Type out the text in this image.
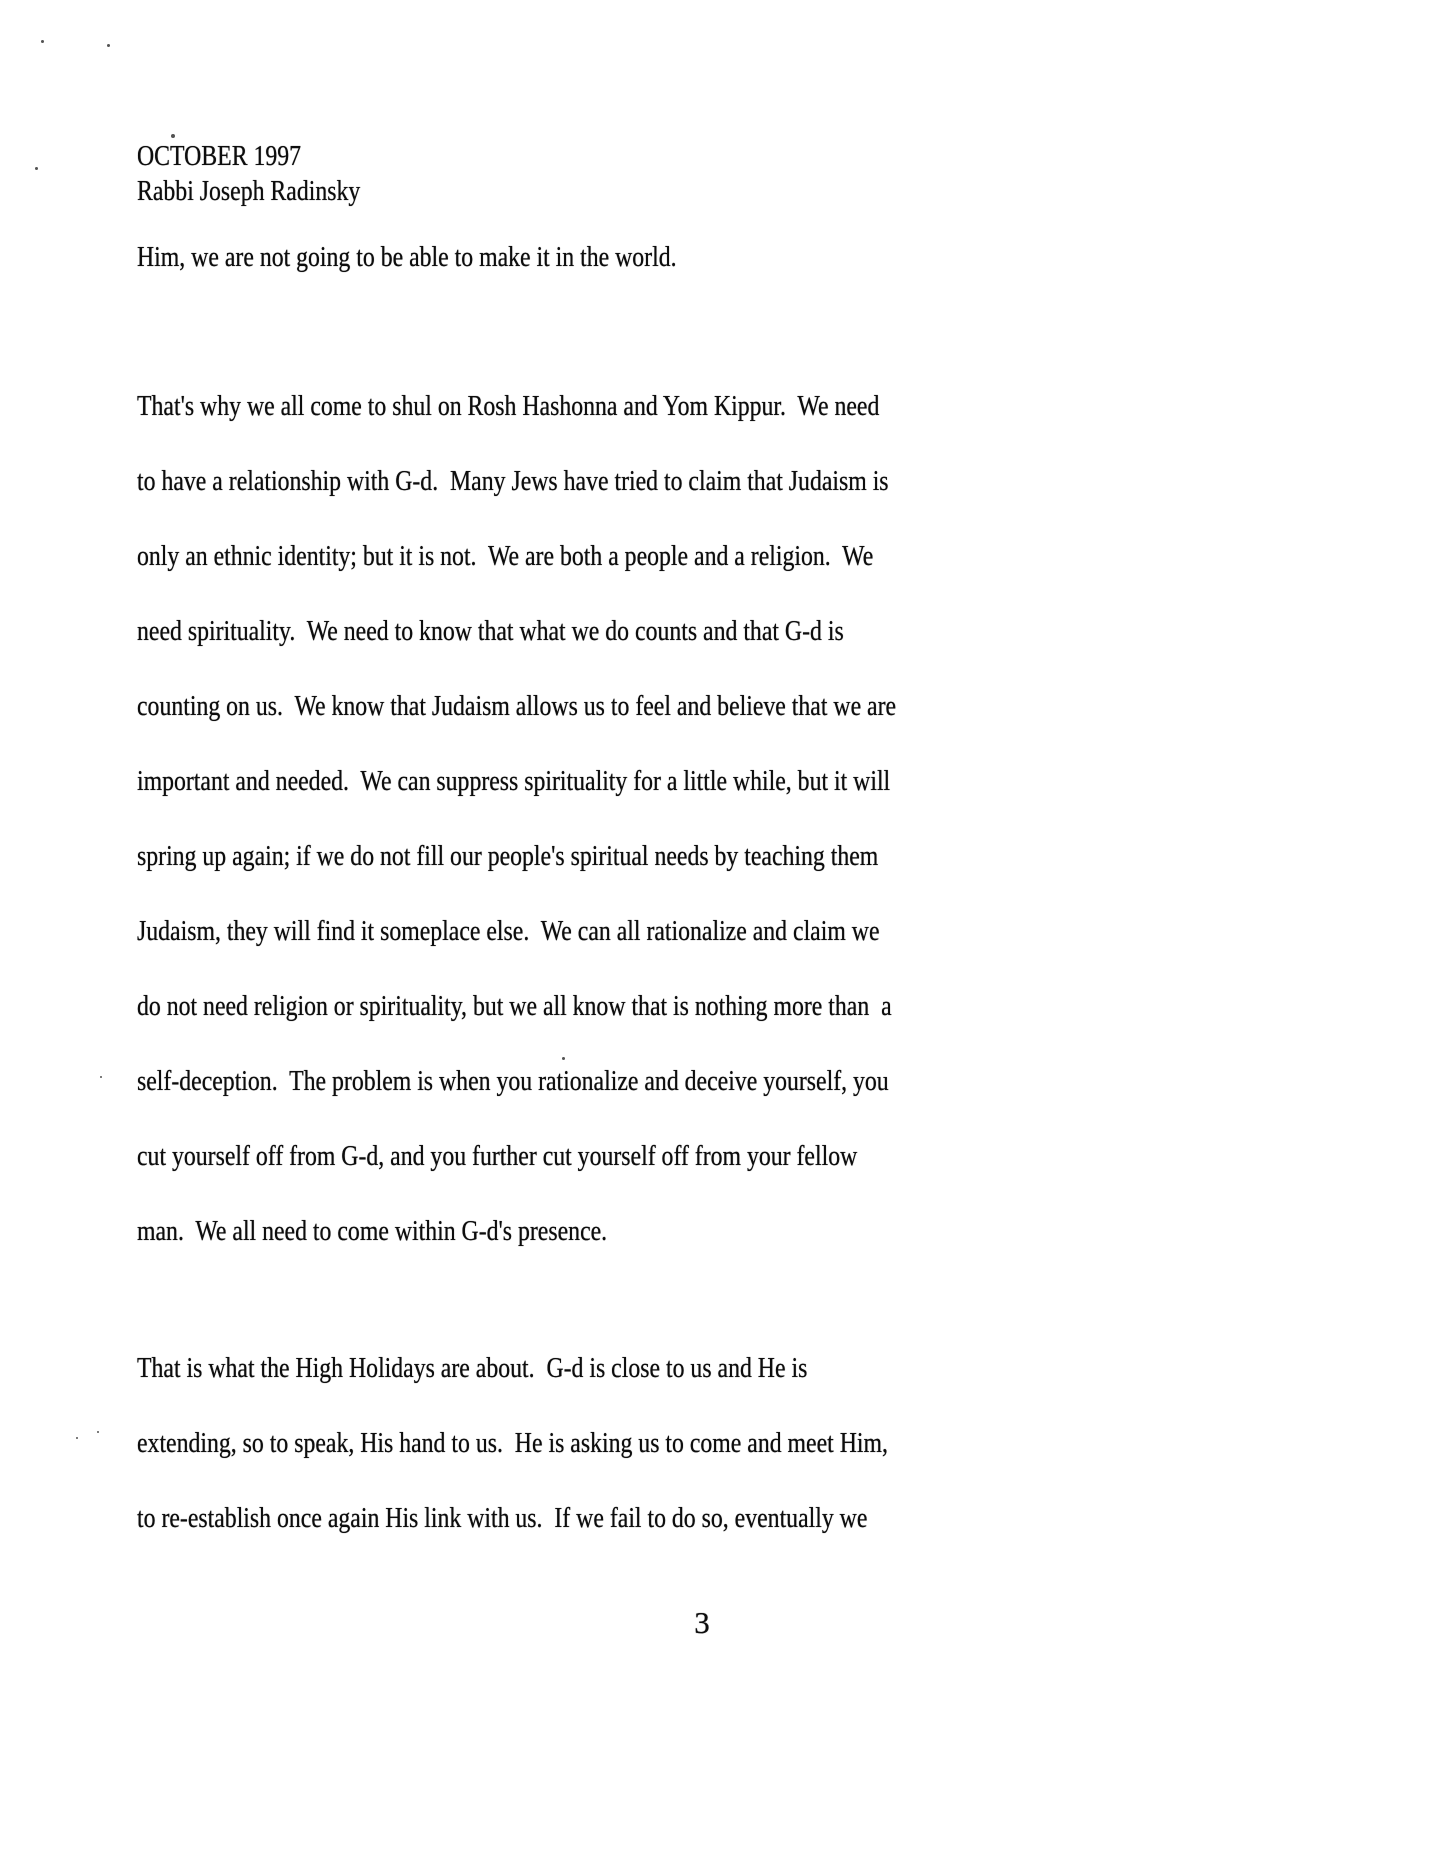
OCTOBER 1997
Rabbi Joseph Radinsky
Him, we are not going to be able to make it in the world.
That's why we all come to shul on Rosh Hashonna and Yom Kippur.  We need
to have a relationship with G-d.  Many Jews have tried to claim that Judaism is
only an ethnic identity; but it is not.  We are both a people and a religion.  We
need spirituality.  We need to know that what we do counts and that G-d is
counting on us.  We know that Judaism allows us to feel and believe that we are
important and needed.  We can suppress spirituality for a little while, but it will
spring up again; if we do not fill our people's spiritual needs by teaching them
Judaism, they will find it someplace else.  We can all rationalize and claim we
do not need religion or spirituality, but we all know that is nothing more than  a
self-deception.  The problem is when you rationalize and deceive yourself, you
cut yourself off from G-d, and you further cut yourself off from your fellow
man.  We all need to come within G-d's presence.
That is what the High Holidays are about.  G-d is close to us and He is
extending, so to speak, His hand to us.  He is asking us to come and meet Him,
to re-establish once again His link with us.  If we fail to do so, eventually we
3
